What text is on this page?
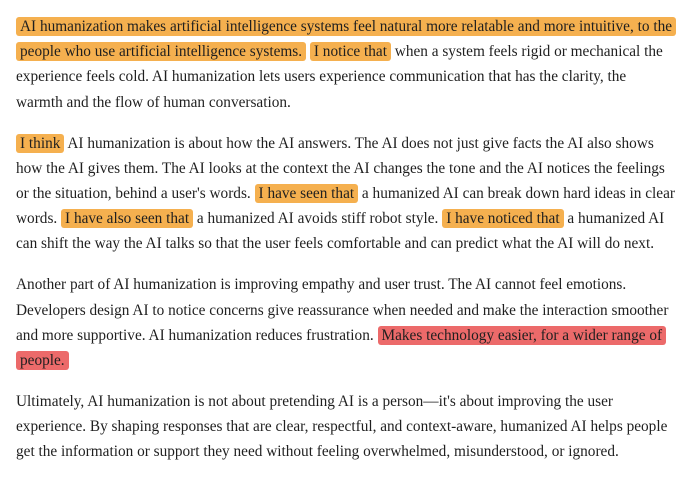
AI humanization makes artificial intelligence systems feel natural more relatable and more intuitive, to the people who use artificial intelligence systems. I notice that when a system feels rigid or mechanical the experience feels cold. AI humanization lets users experience communication that has the clarity, the warmth and the flow of human conversation.

I think AI humanization is about how the AI answers. The AI does not just give facts the AI also shows how the AI gives them. The AI looks at the context the AI changes the tone and the AI notices the feelings or the situation, behind a user's words. I have seen that a humanized AI can break down hard ideas in clear words. I have also seen that a humanized AI avoids stiff robot style. I have noticed that a humanized AI can shift the way the AI talks so that the user feels comfortable and can predict what the AI will do next.

Another part of AI humanization is improving empathy and user trust. The AI cannot feel emotions. Developers design AI to notice concerns give reassurance when needed and make the interaction smoother and more supportive. AI humanization reduces frustration. Makes technology easier, for a wider range of people.

Ultimately, AI humanization is not about pretending AI is a person—it's about improving the user experience. By shaping responses that are clear, respectful, and context-aware, humanized AI helps people get the information or support they need without feeling overwhelmed, misunderstood, or ignored.
